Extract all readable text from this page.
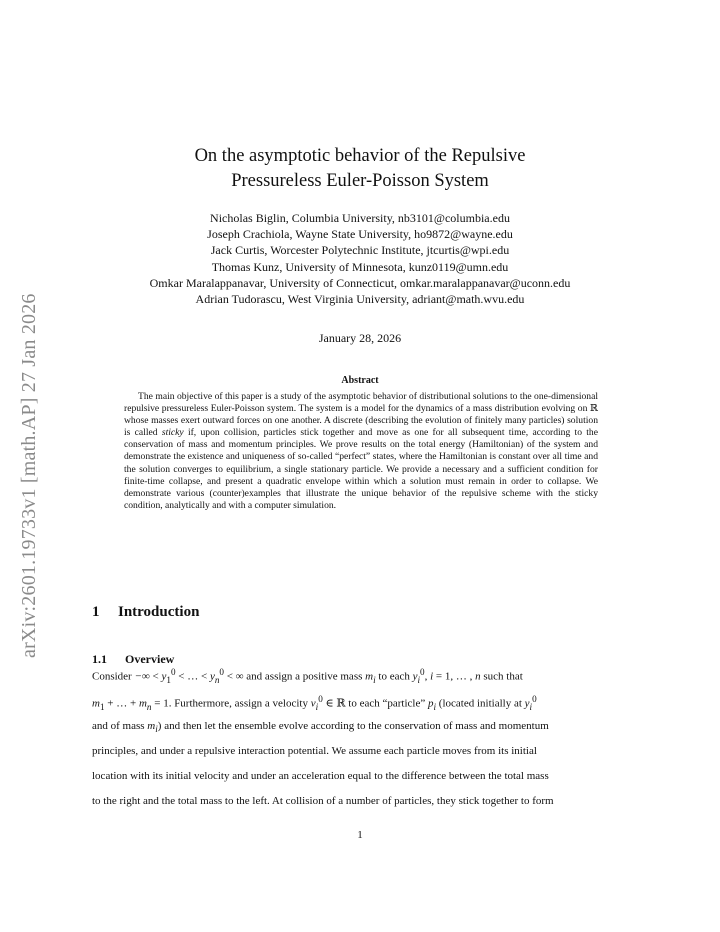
arXiv:2601.19733v1 [math.AP] 27 Jan 2026
On the asymptotic behavior of the Repulsive
Pressureless Euler-Poisson System
Nicholas Biglin, Columbia University, nb3101@columbia.edu
Joseph Crachiola, Wayne State University, ho9872@wayne.edu
Jack Curtis, Worcester Polytechnic Institute, jtcurtis@wpi.edu
Thomas Kunz, University of Minnesota, kunz0119@umn.edu
Omkar Maralappanavar, University of Connecticut, omkar.maralappanavar@uconn.edu
Adrian Tudorascu, West Virginia University, adriant@math.wvu.edu
January 28, 2026
Abstract
The main objective of this paper is a study of the asymptotic behavior of distributional solutions to the one-dimensional repulsive pressureless Euler-Poisson system. The system is a model for the dynamics of a mass distribution evolving on ℝ whose masses exert outward forces on one another. A discrete (describing the evolution of finitely many particles) solution is called sticky if, upon collision, particles stick together and move as one for all subsequent time, according to the conservation of mass and momentum principles. We prove results on the total energy (Hamiltonian) of the system and demonstrate the existence and uniqueness of so-called “perfect” states, where the Hamiltonian is constant over all time and the solution converges to equilibrium, a single stationary particle. We provide a necessary and a sufficient condition for finite-time collapse, and present a quadratic envelope within which a solution must remain in order to collapse. We demonstrate various (counter)examples that illustrate the unique behavior of the repulsive scheme with the sticky condition, analytically and with a computer simulation.
1 Introduction
1.1 Overview
Consider −∞ < $y_1^0$ < … < $y_n^0$ < ∞ and assign a positive mass $m_i$ to each $y_i^0$, i = 1, … , n such that
$m_1$ + … + $m_n = 1$. Furthermore, assign a velocity $v_i^0$ ∈ ℝ to each “particle” $p_i$ (located initially at $y_i^0$
and of mass $m_i$) and then let the ensemble evolve according to the conservation of mass and momentum
principles, and under a repulsive interaction potential. We assume each particle moves from its initial
location with its initial velocity and under an acceleration equal to the difference between the total mass
to the right and the total mass to the left. At collision of a number of particles, they stick together to form
1
